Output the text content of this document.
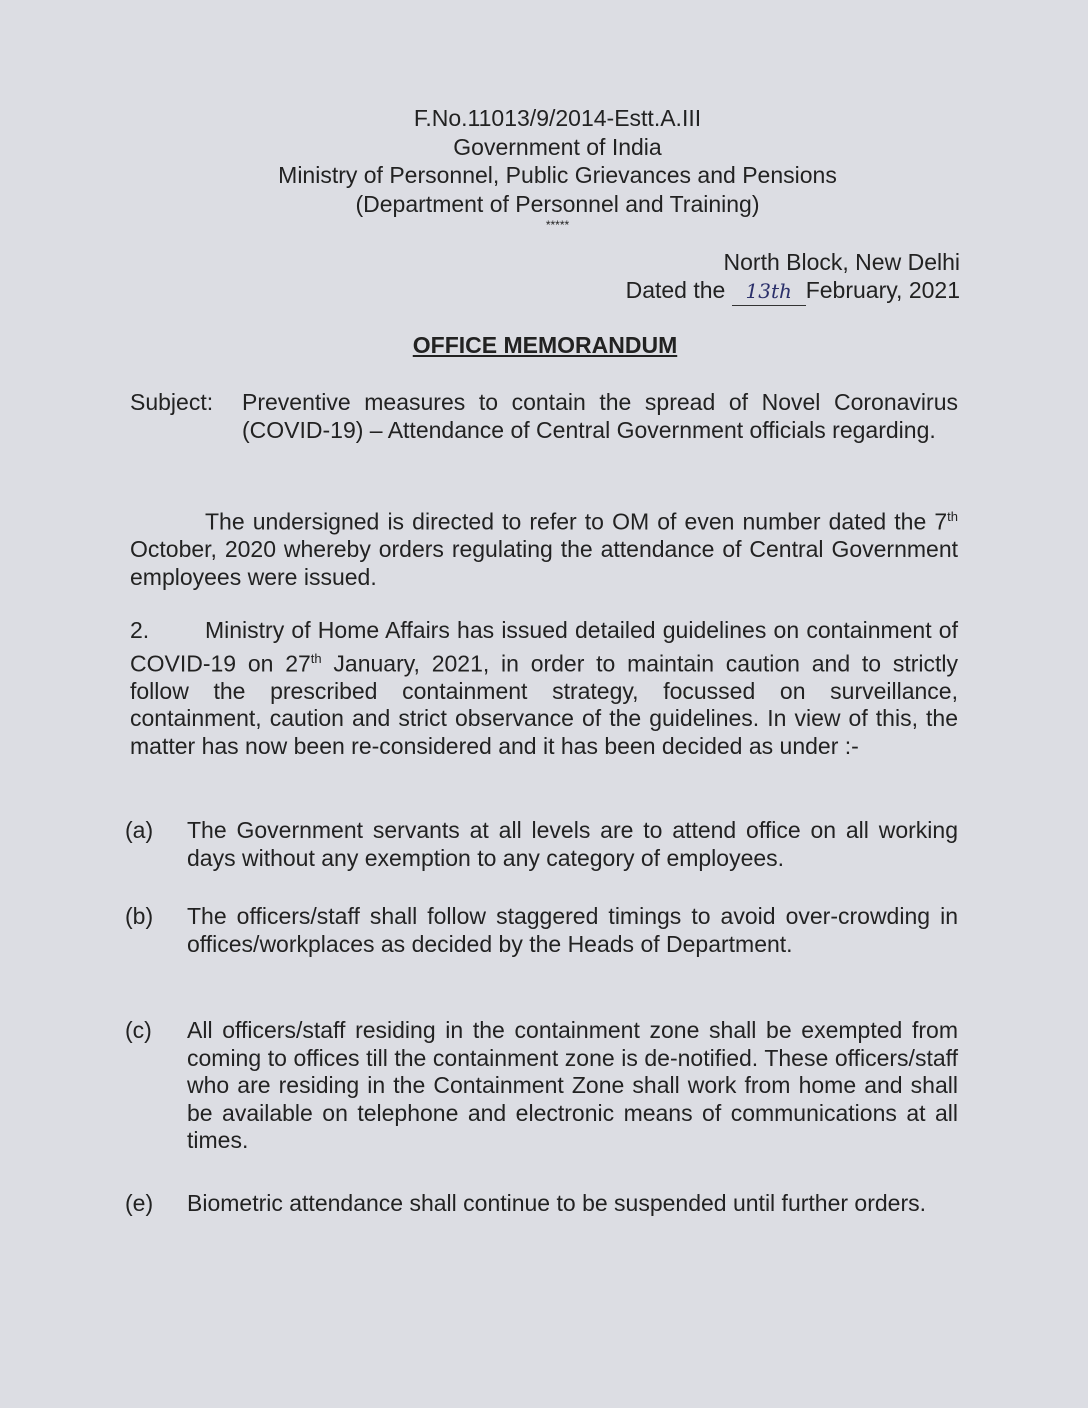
F.No.11013/9/2014-Estt.A.III
Government of India
Ministry of Personnel, Public Grievances and Pensions
(Department of Personnel and Training)
*****
North Block, New Delhi
Dated the 13th February, 2021
OFFICE MEMORANDUM
Subject:	Preventive measures to contain the spread of Novel Coronavirus (COVID-19) – Attendance of Central Government officials regarding.
The undersigned is directed to refer to OM of even number dated the 7th October, 2020 whereby orders regulating the attendance of Central Government employees were issued.
2. Ministry of Home Affairs has issued detailed guidelines on containment of COVID-19 on 27th January, 2021, in order to maintain caution and to strictly follow the prescribed containment strategy, focussed on surveillance, containment, caution and strict observance of the guidelines. In view of this, the matter has now been re-considered and it has been decided as under :-
(a)	The Government servants at all levels are to attend office on all working days without any exemption to any category of employees.
(b)	The officers/staff shall follow staggered timings to avoid over-crowding in offices/workplaces as decided by the Heads of Department.
(c)	All officers/staff residing in the containment zone shall be exempted from coming to offices till the containment zone is de-notified. These officers/staff who are residing in the Containment Zone shall work from home and shall be available on telephone and electronic means of communications at all times.
(e)	Biometric attendance shall continue to be suspended until further orders.
